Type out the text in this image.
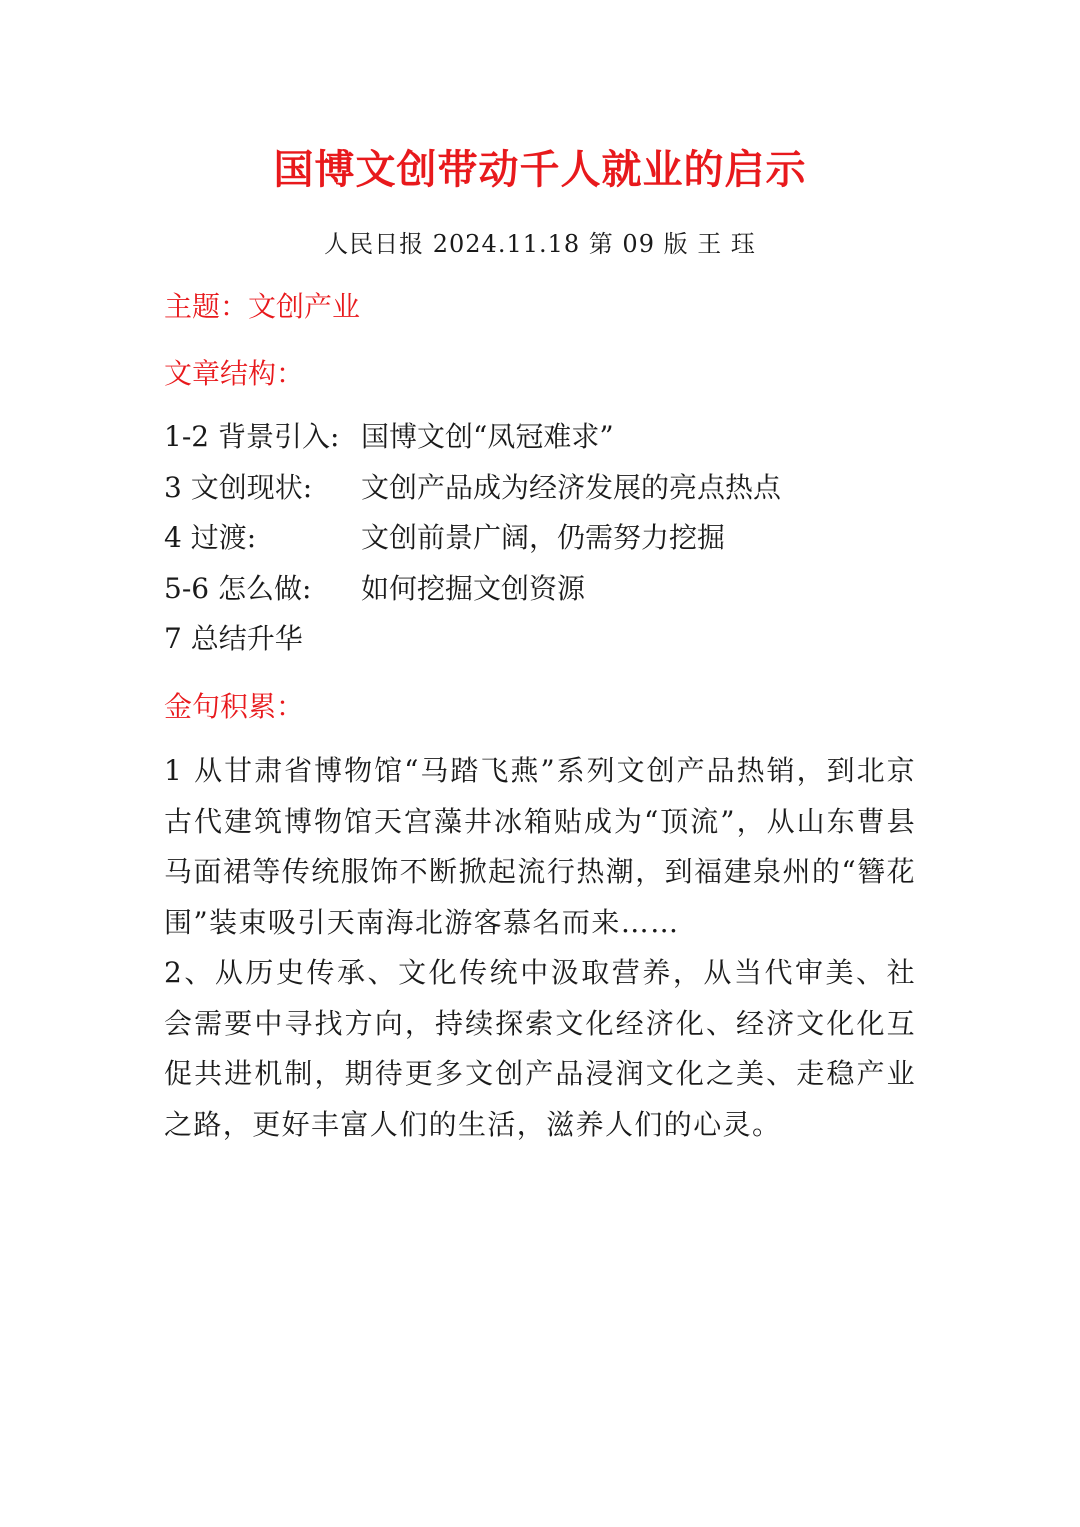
国博文创带动千人就业的启示
人民日报 2024.11.18 第 09 版 王 珏
主题：文创产业
文章结构：
1-2 背景引入: 国博文创“凤冠难求”
3 文创现状: 文创产品成为经济发展的亮点热点
4 过渡:	文创前景广阔，仍需努力挖掘
5-6 怎么做: 如何挖掘文创资源
7 总结升华
金句积累：

1 从甘肃省博物馆“马踏飞燕”系列文创产品热销，到北京古代建筑博物馆天宫藻井冰箱贴成为“顶流”，从山东曹县马面裙等传统服饰不断掀起流行热潮，到福建泉州的“簪花围”装束吸引天南海北游客慕名而来……

2、从历史传承、文化传统中汲取营养，从当代审美、社会需要中寻找方向，持续探索文化经济化、经济文化化互促共进机制，期待更多文创产品浸润文化之美、走稳产业之路，更好丰富人们的生活，滋养人们的心灵。
